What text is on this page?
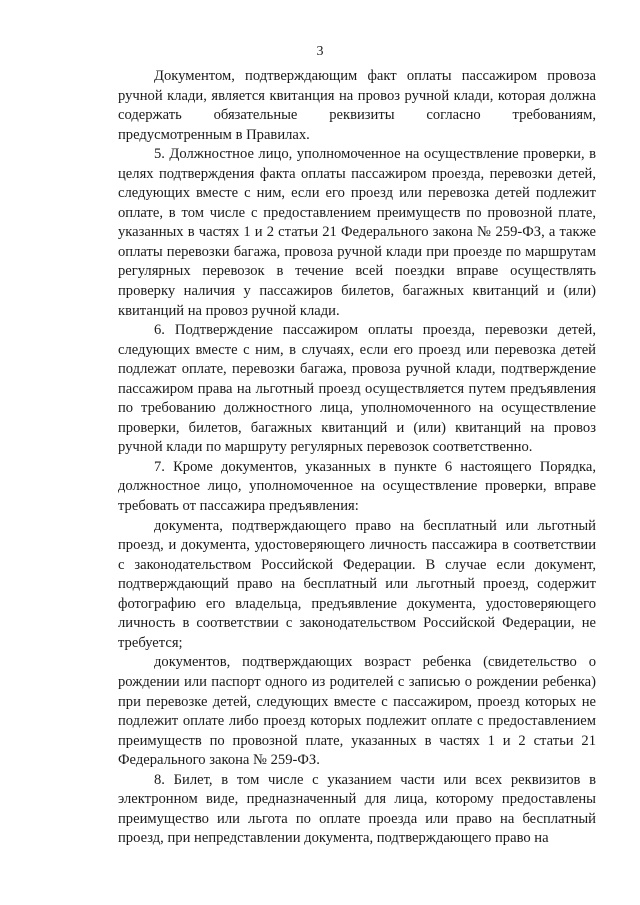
3

Документом, подтверждающим факт оплаты пассажиром провоза ручной клади, является квитанция на провоз ручной клади, которая должна содержать обязательные реквизиты согласно требованиям, предусмотренным в Правилах.

5. Должностное лицо, уполномоченное на осуществление проверки, в целях подтверждения факта оплаты пассажиром проезда, перевозки детей, следующих вместе с ним, если его проезд или перевозка детей подлежит оплате, в том числе с предоставлением преимуществ по провозной плате, указанных в частях 1 и 2 статьи 21 Федерального закона № 259-ФЗ, а также оплаты перевозки багажа, провоза ручной клади при проезде по маршрутам регулярных перевозок в течение всей поездки вправе осуществлять проверку наличия у пассажиров билетов, багажных квитанций и (или) квитанций на провоз ручной клади.

6. Подтверждение пассажиром оплаты проезда, перевозки детей, следующих вместе с ним, в случаях, если его проезд или перевозка детей подлежат оплате, перевозки багажа, провоза ручной клади, подтверждение пассажиром права на льготный проезд осуществляется путем предъявления по требованию должностного лица, уполномоченного на осуществление проверки, билетов, багажных квитанций и (или) квитанций на провоз ручной клади по маршруту регулярных перевозок соответственно.

7. Кроме документов, указанных в пункте 6 настоящего Порядка, должностное лицо, уполномоченное на осуществление проверки, вправе требовать от пассажира предъявления:

документа, подтверждающего право на бесплатный или льготный проезд, и документа, удостоверяющего личность пассажира в соответствии с законодательством Российской Федерации. В случае если документ, подтверждающий право на бесплатный или льготный проезд, содержит фотографию его владельца, предъявление документа, удостоверяющего личность в соответствии с законодательством Российской Федерации, не требуется;

документов, подтверждающих возраст ребенка (свидетельство о рождении или паспорт одного из родителей с записью о рождении ребенка) при перевозке детей, следующих вместе с пассажиром, проезд которых не подлежит оплате либо проезд которых подлежит оплате с предоставлением преимуществ по провозной плате, указанных в частях 1 и 2 статьи 21 Федерального закона № 259-ФЗ.

8. Билет, в том числе с указанием части или всех реквизитов в электронном виде, предназначенный для лица, которому предоставлены преимущество или льгота по оплате проезда или право на бесплатный проезд, при непредставлении документа, подтверждающего право на
